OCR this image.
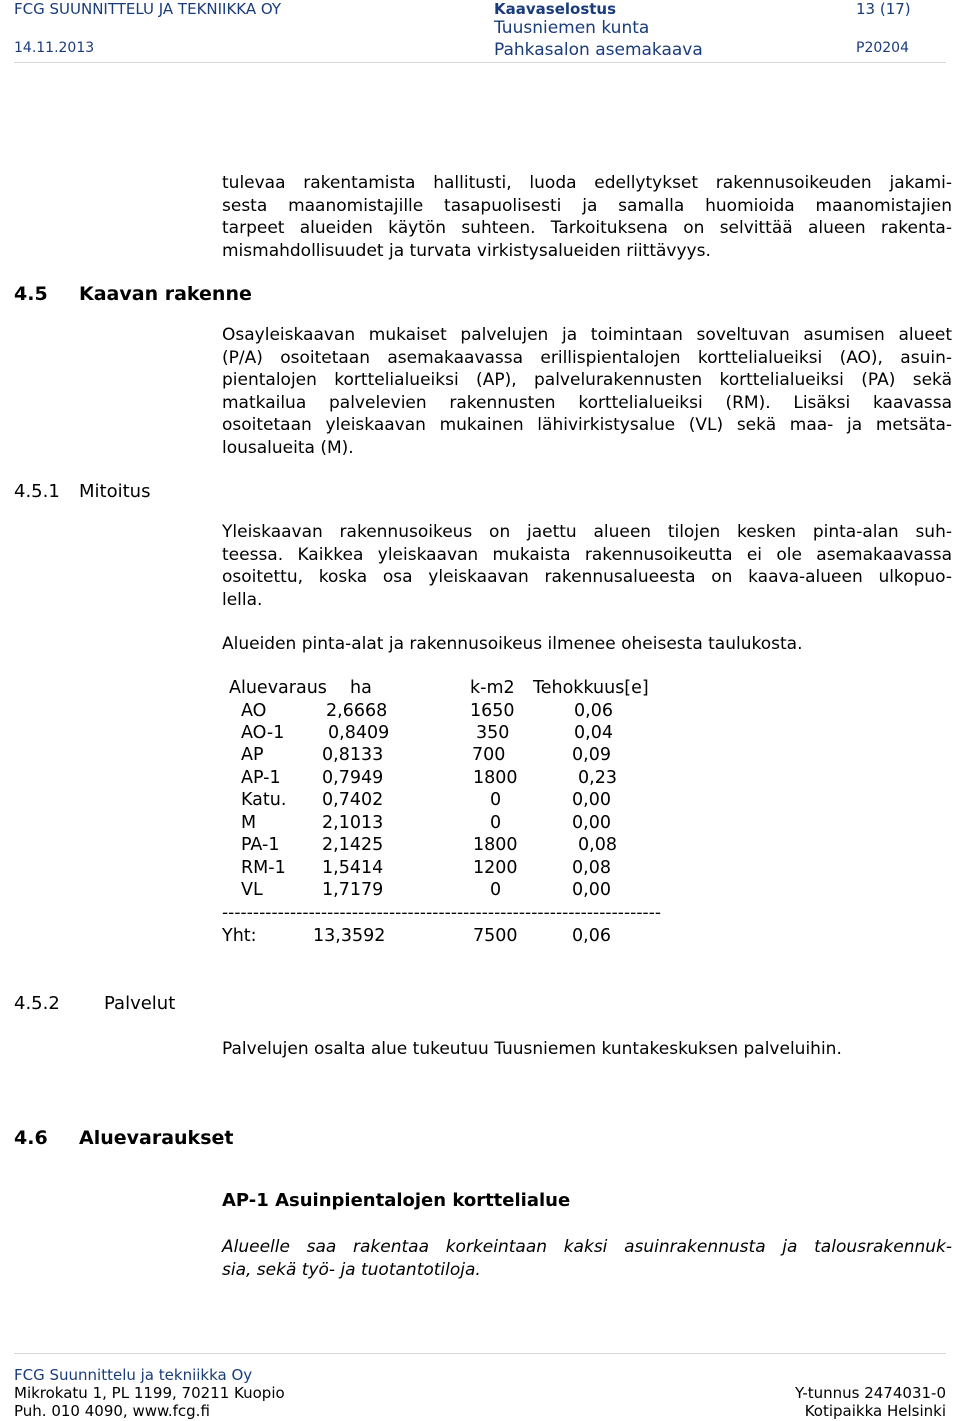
FCG SUUNNITTELU JA TEKNIIKKA OY	Kaavaselostus	13 (17)
14.11.2013
Tuusniemen kunta
Pahkasalon asemakaava	P20204
tulevaa rakentamista hallitusti, luoda edellytykset rakennusoikeuden jakami-
sesta maanomistajille tasapuolisesti ja samalla huomioida maanomistajien
tarpeet alueiden käytön suhteen. Tarkoituksena on selvittää alueen rakenta-
mismahdollisuudet ja turvata virkistysalueiden riittävyys.
4.5 Kaavan rakenne
Osayleiskaavan mukaiset palvelujen ja toimintaan soveltuvan asumisen alueet
(P/A) osoitetaan asemakaavassa erillispientalojen korttelialueiksi (AO), asuin-
pientalojen korttelialueiksi (AP), palvelurakennusten korttelialueiksi (PA) sekä
matkailua palvelevien rakennusten korttelialueiksi (RM). Lisäksi kaavassa
osoitetaan yleiskaavan mukainen lähivirkistysalue (VL) sekä maa- ja metsäta-
lousalueita (M).
4.5.1 Mitoitus
Yleiskaavan rakennusoikeus on jaettu alueen tilojen kesken pinta-alan suh-
teessa. Kaikkea yleiskaavan mukaista rakennusoikeutta ei ole asemakaavassa
osoitettu, koska osa yleiskaavan rakennusalueesta on kaava-alueen ulkopuo-
lella.
Alueiden pinta-alat ja rakennusoikeus ilmenee oheisesta taulukosta.
Aluevaraus ha	k-m2 Tehokkuus[e]
AO	2,6668	1650	0,06
AO-1 0,8409	350	0,04
AP	0,8133	700	0,09
AP-1 0,7949	1800	0,23
Katu. 0,7402	0	0,00
M	2,1013	0	0,00
PA-1 2,1425	1800	0,08
RM-1 1,5414	1200	0,08
VL	1,7179	0	0,00
-----------------------------------------------------------------------
Yht:	13,3592	7500	0,06
4.5.2 Palvelut
Palvelujen osalta alue tukeutuu Tuusniemen kuntakeskuksen palveluihin.
4.6 Aluevaraukset
AP-1 Asuinpientalojen korttelialue
Alueelle saa rakentaa korkeintaan kaksi asuinrakennusta ja talousrakennuk-
sia, sekä työ- ja tuotantotiloja.
FCG Suunnittelu ja tekniikka Oy
Mikrokatu 1, PL 1199, 70211 Kuopio
Puh. 010 4090, www.fcg.fi
Y-tunnus 2474031-0
Kotipaikka Helsinki
